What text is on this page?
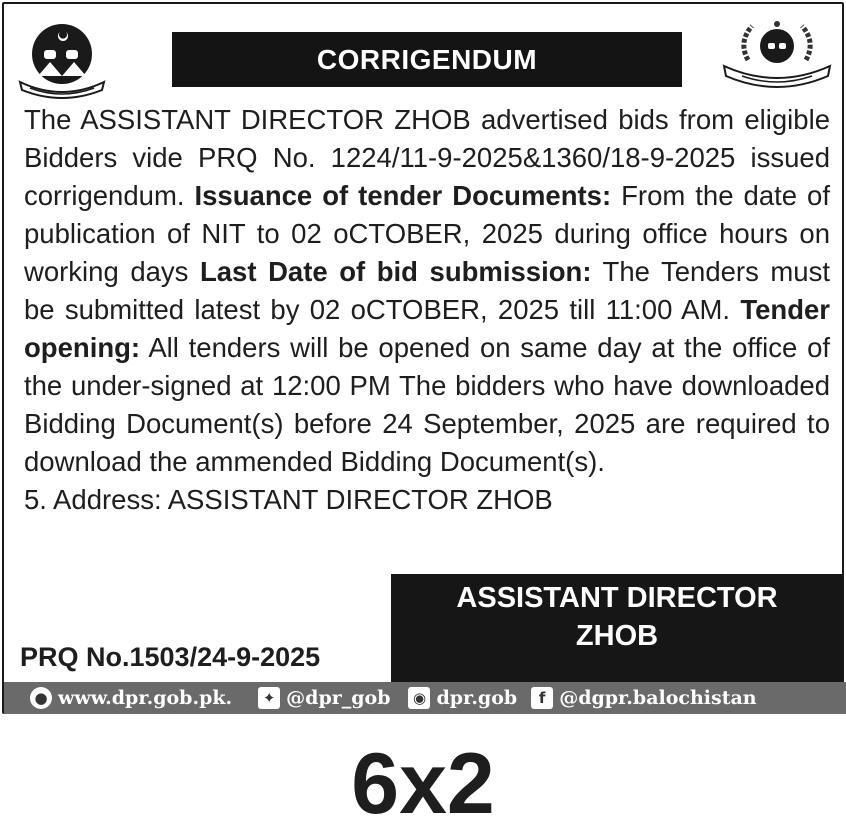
CORRIGENDUM

The ASSISTANT DIRECTOR ZHOB advertised bids from eligible Bidders vide PRQ No. 1224/11-9-2025&1360/18-9-2025 issued corrigendum. Issuance of tender Documents: From the date of publication of NIT to 02 oCTOBER, 2025 during office hours on working days Last Date of bid submission: The Tenders must be submitted latest by 02 oCTOBER, 2025 till 11:00 AM. Tender opening: All tenders will be opened on same day at the office of the under-signed at 12:00 PM The bidders who have downloaded Bidding Document(s) before 24 September, 2025 are required to download the ammended Bidding Document(s).

5. Address: ASSISTANT DIRECTOR ZHOB

PRQ No.1503/24-9-2025
ASSISTANT DIRECTOR
ZHOB
● www.dpr.gob.pk.	✦ @dpr_gob ◉ dpr.gob	f @dgpr.balochistan
6x2
